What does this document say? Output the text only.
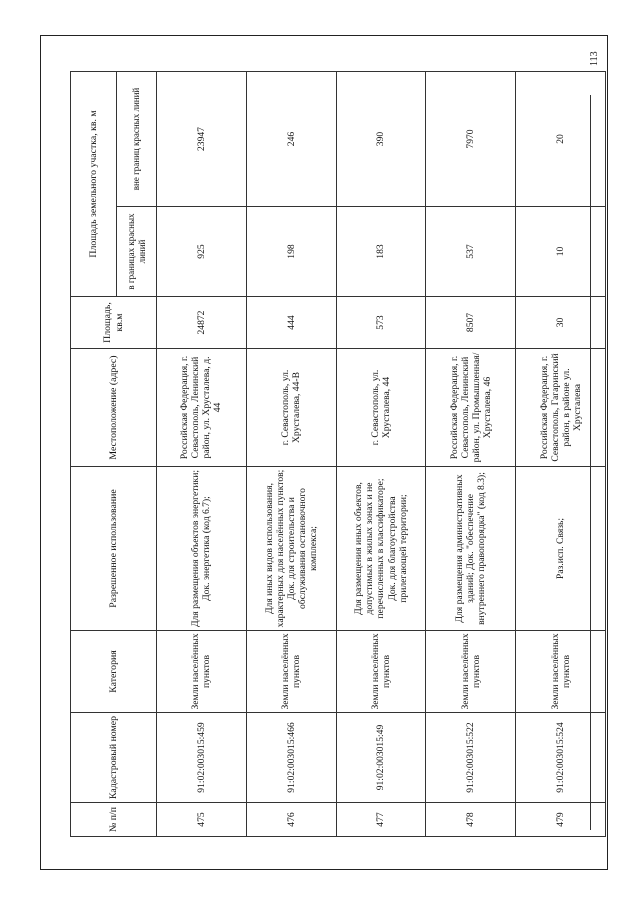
113
№ п/п	Кадастровый номер	Категория	Разрешенное использование	Местоположение (адрес)	Площадь, кв.м	Площадь земельного участка, кв. м	
						в границах красных линий	вне границ красных линий
475	91:02:003015:459	Земли населённых пунктов	Для размещения объектов энергетики; Док. энергетика (код 6.7);	Российская Федерация, г. Севастополь, Ленинский район, ул. Хрусталева, д. 44	24872	925	23947
476	91:02:003015:466	Земли населённых пунктов	Для иных видов использования, характерных для населённых пунктов; Док. для строительства и обслуживания остановочного комплекса;	г. Севастополь, ул. Хрусталева, 44-В	444	198	246
477	91:02:003015:49	Земли населённых пунктов	Для размещения иных объектов, допустимых в жилых зонах и не перечисленных в классификаторе; Док. для благоустройства прилегающей территории;	г. Севастополь, ул. Хрусталева, 44	573	183	390
478	91:02:003015:522	Земли населённых пунктов	Для размещения административных зданий; Док. "обеспечение внутреннего правопорядка" (код 8.3);	Российская Федерация, г. Севастополь, Ленинский район, ул. Промышленная/Хрусталева, 46	8507	537	7970
479	91:02:003015:524	Земли населённых пунктов	Раз.исп. Связь;	Российская Федерация, г. Севастополь, Гагаринский район, в районе ул. Хрусталева	30	10	20
